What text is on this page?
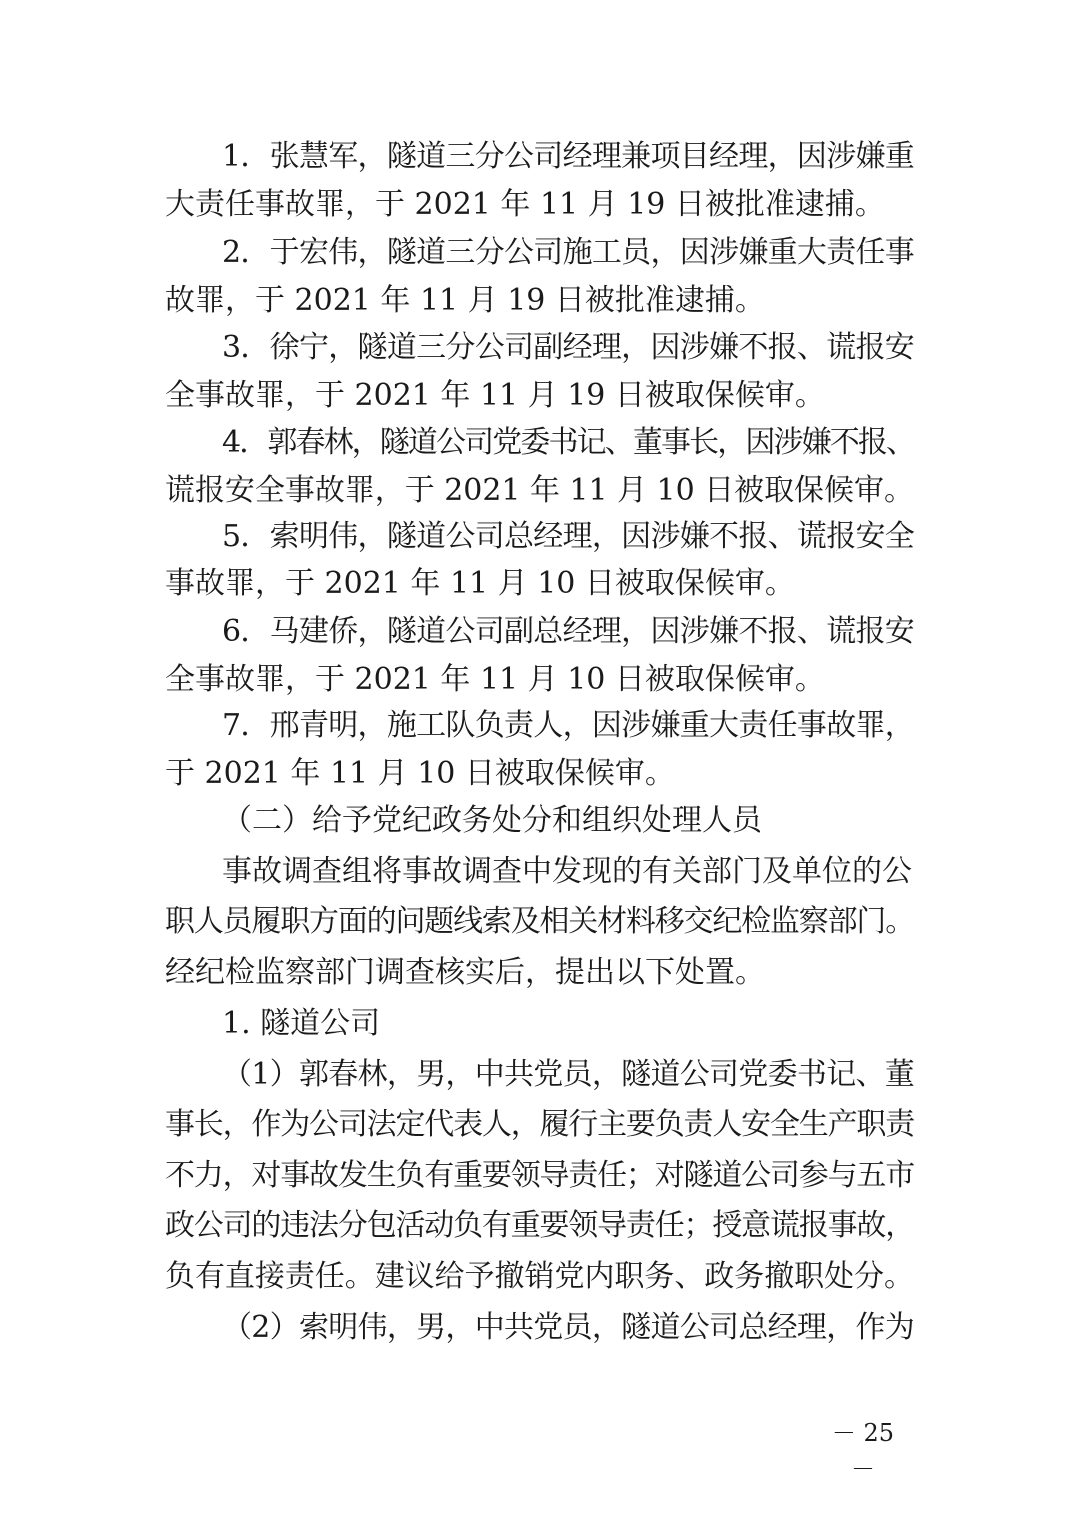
1．张慧军，隧道三分公司经理兼项目经理，因涉嫌重
大责任事故罪，于 2021 年 11 月 19 日被批准逮捕。
2．于宏伟，隧道三分公司施工员，因涉嫌重大责任事
故罪，于 2021 年 11 月 19 日被批准逮捕。
3．徐宁，隧道三分公司副经理，因涉嫌不报、谎报安
全事故罪，于 2021 年 11 月 19 日被取保候审。
4．郭春林，隧道公司党委书记、董事长，因涉嫌不报、
谎报安全事故罪，于 2021 年 11 月 10 日被取保候审。
5．索明伟，隧道公司总经理，因涉嫌不报、谎报安全
事故罪，于 2021 年 11 月 10 日被取保候审。
6．马建侨，隧道公司副总经理，因涉嫌不报、谎报安
全事故罪，于 2021 年 11 月 10 日被取保候审。
7．邢青明，施工队负责人，因涉嫌重大责任事故罪，
于 2021 年 11 月 10 日被取保候审。
（二）给予党纪政务处分和组织处理人员
事故调查组将事故调查中发现的有关部门及单位的公
职人员履职方面的问题线索及相关材料移交纪检监察部门。
经纪检监察部门调查核实后，提出以下处置。
1. 隧道公司
（1）郭春林，男，中共党员，隧道公司党委书记、董
事长，作为公司法定代表人，履行主要负责人安全生产职责
不力，对事故发生负有重要领导责任；对隧道公司参与五市
政公司的违法分包活动负有重要领导责任；授意谎报事故，
负有直接责任。建议给予撤销党内职务、政务撤职处分。
（2）索明伟，男，中共党员，隧道公司总经理，作为
－ 25 －
